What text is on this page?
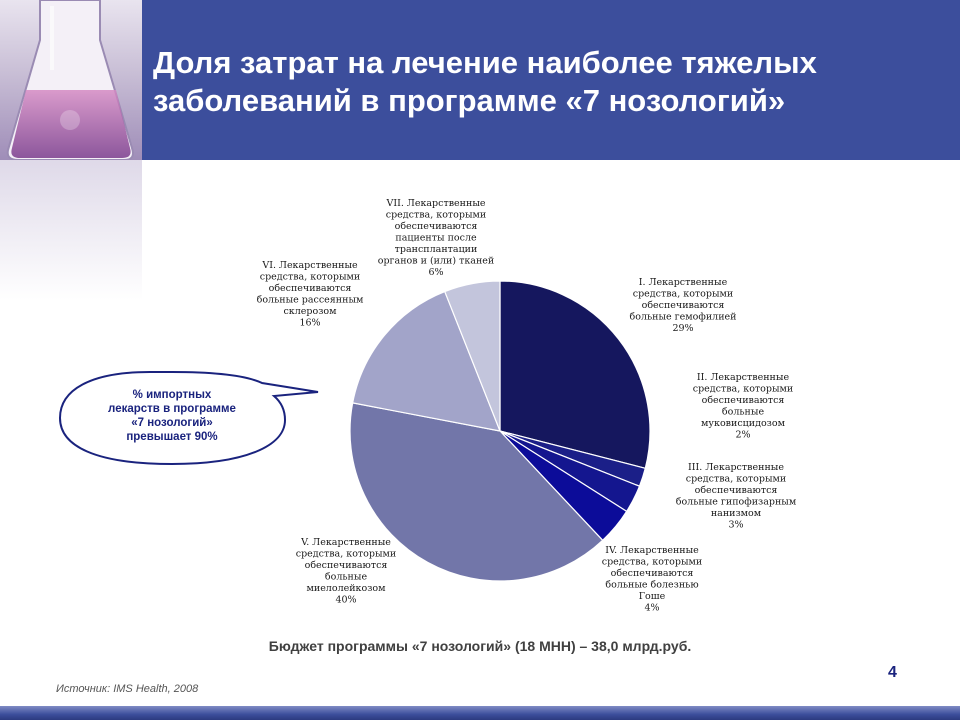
Доля затрат на лечение наиболее тяжелых
заболеваний в программе «7 нозологий»
I. Лекарственные средства, которыми обеспечиваются больные гемофилией 29%
II. Лекарственные средства, которыми обеспечиваются больные муковисцидозом 2%
III. Лекарственные средства, которыми обеспечиваются больные гипофизарным нанизмом 3%
IV. Лекарственные средства, которыми обеспечиваются больные болезнью Гоше 4%
V. Лекарственные средства, которыми обеспечиваются больные миелолейкозом 40%
VI. Лекарственные средства, которыми обеспечиваются больные рассеянным склерозом 16%
VII. Лекарственные средства, которыми обеспечиваются пациенты после трансплантации органов и (или) тканей 6%
% импортных лекарств в программе «7 нозологий» превышает 90%
Бюджет программы «7 нозологий» (18 МНН) – 38,0 млрд.руб.
4
Источник: IMS Health, 2008
